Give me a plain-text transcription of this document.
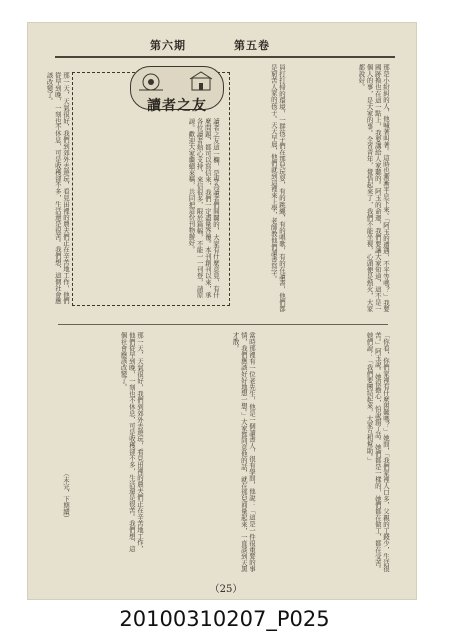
第六期	第五卷
那是小紛糾的人，他喊著叫著。這時也漸漸平息下來。「阿玉的遭遇，不平等嗎？」我要國跡換也在這一點上，我要講給人家聽的。阿玉的命運，我們要讓大家知道，這不是一個人的事，是大家的事。全省青年，覺悟起來了，我們不能坐視，心頭便是熱火，大家都說好。
員打打掃的環境，一群孩子們在那兒玩耍，有的跳繩，有的唱歌，有的在讀書，他們都是窮苦人家的孩子。天天早晨，他們就到這裡來上學，老師教他們讀書寫字。
讀者之友
讀者之友這一欄，是專為讀者們開闢的，大家有什麼意見，有什麼問題，都可以寫信來，我們一定盡量答覆。本刊創刊以來，承各位讀者熱心支持，來信很多，限於篇幅，不能一一刊登，請原諒。歡迎大家繼續來稿，共同把這份刊物辦好。
那一天，天氣很好，我們到郊外去遊玩，看見田裡的農夫們正在辛苦地工作，他們從早到晚，一刻也不休息，可是收穫卻不多，生活還是很苦。我們想，這個社會應該改變了。
「你看，你們家裡有什麼困難嗎？」她問，「我們家裡人口多，父親的工錢少，生活很苦。」阿玉說。她很擔心，怕說錯了話。她們都是一樣的，她們都在做工，都在受苦。她們說：「我們要團結起來，大家互相幫助。」
當時那裡有一位老先生，他是一個讀書人，很有學問，他說：「這是一件很重要的事情，我們應該好好地想一想。」大家都同意他的話，就在那兒商量起來，一直談到天黑才散。
那一天，天氣很好，我們到郊外去遊玩，看見田裡的農夫們正在辛苦地工作，他們從早到晚，一刻也不休息，可是收穫卻不多，生活還是很苦。我們想，這個社會應該改變了。
（未完，下期續）
（25）
20100310207_P025
